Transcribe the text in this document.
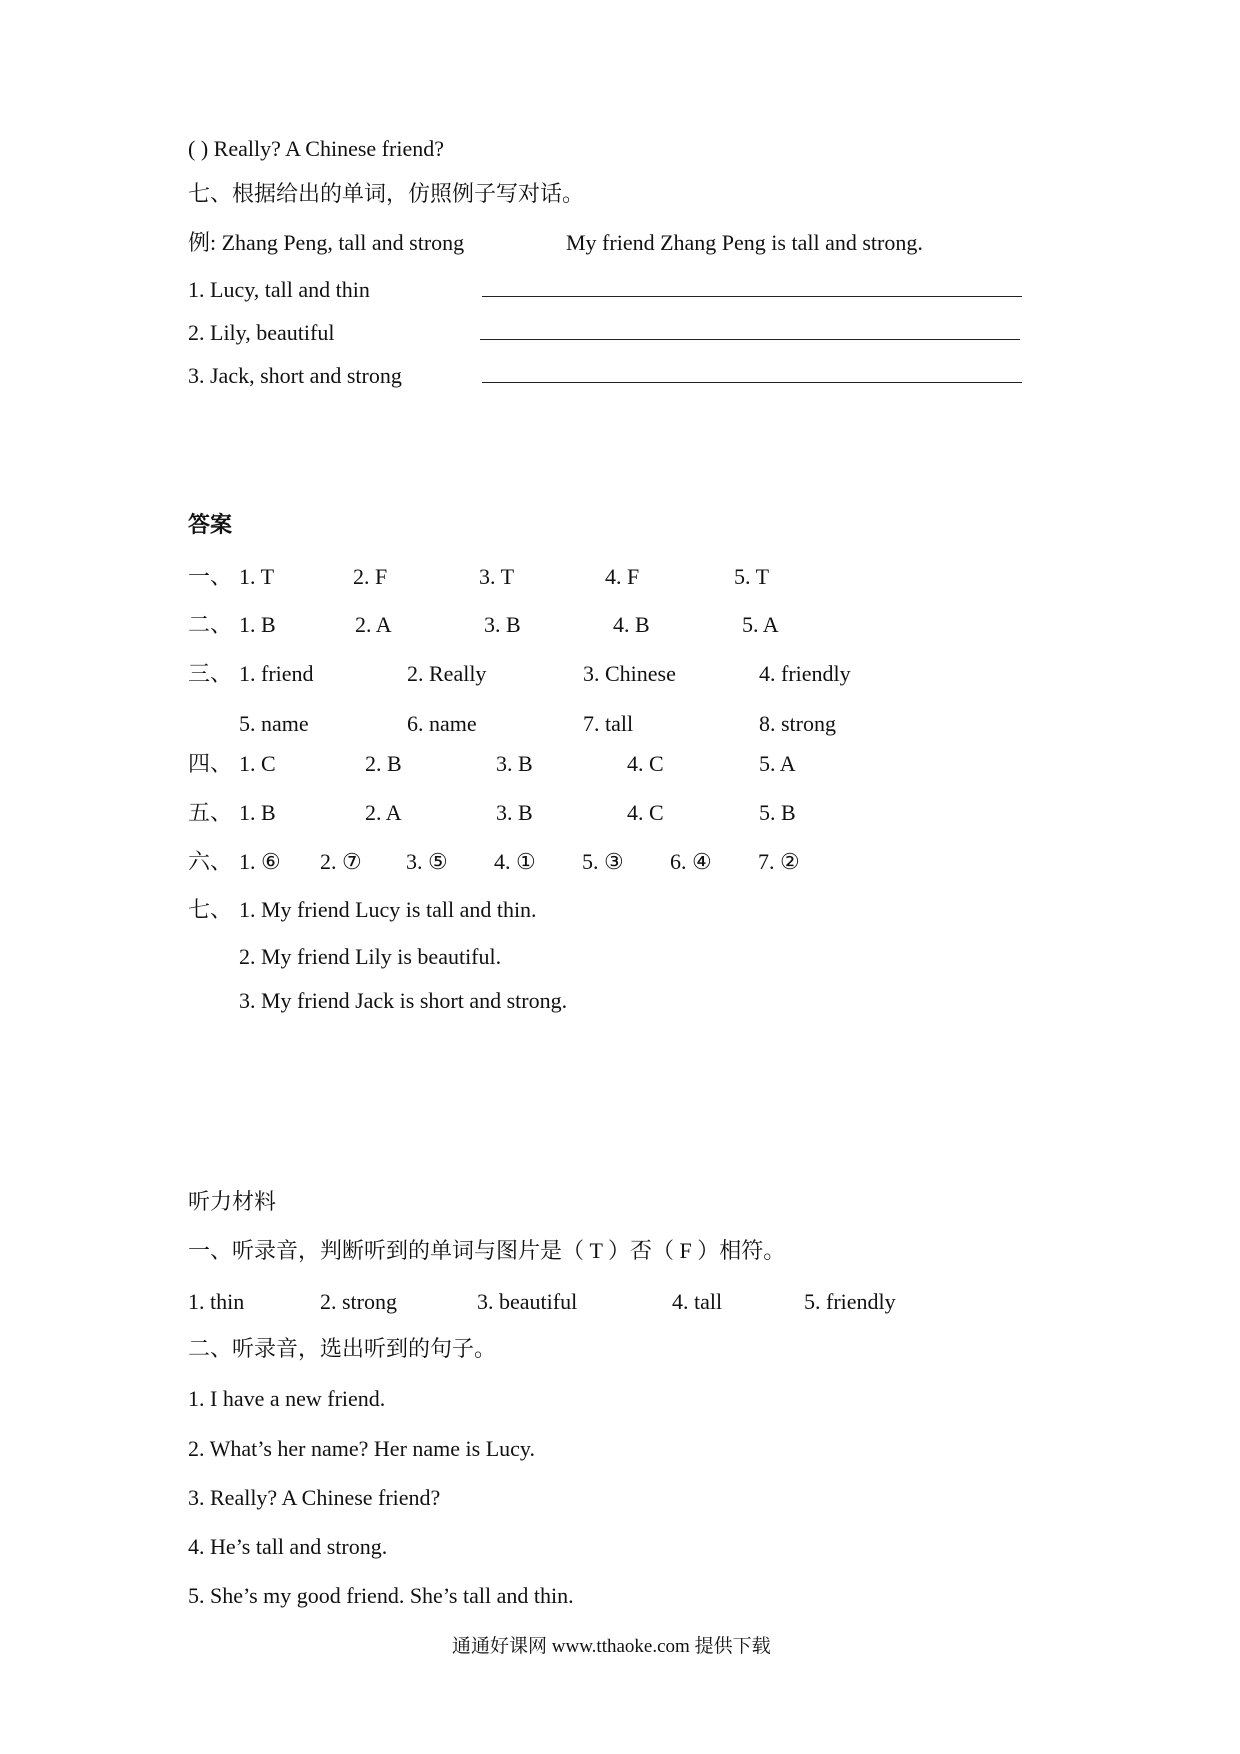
( ) Really? A Chinese friend?
七、根据给出的单词，仿照例子写对话。
例: Zhang Peng, tall and strong	My friend Zhang Peng is tall and strong.
1. Lucy, tall and thin
2. Lily, beautiful
3. Jack, short and strong
答案
一、 1. T	2. F	3. T	4. F	5. T
二、 1. B	2. A	3. B	4. B	5. A
三、 1. friend	2. Really	3. Chinese	4. friendly
5. name	6. name	7. tall	8. strong
四、 1. C	2. B	3. B	4. C	5. A
五、 1. B	2. A	3. B	4. C	5. B
六、 1. ⑥ 2. ⑦ 3. ⑤ 4. ① 5. ③ 6. ④ 7. ②
七、 1. My friend Lucy is tall and thin.
2. My friend Lily is beautiful.
3. My friend Jack is short and strong.
听力材料
一、听录音，判断听到的单词与图片是（ T ）否（ F ）相符。
1. thin	2. strong	3. beautiful	4. tall	5. friendly
二、听录音，选出听到的句子。
1. I have a new friend.
2. What’s her name? Her name is Lucy.
3. Really? A Chinese friend?
4. He’s tall and strong.
5. She’s my good friend. She’s tall and thin.
通通好课网 www.tthaoke.com 提供下载
